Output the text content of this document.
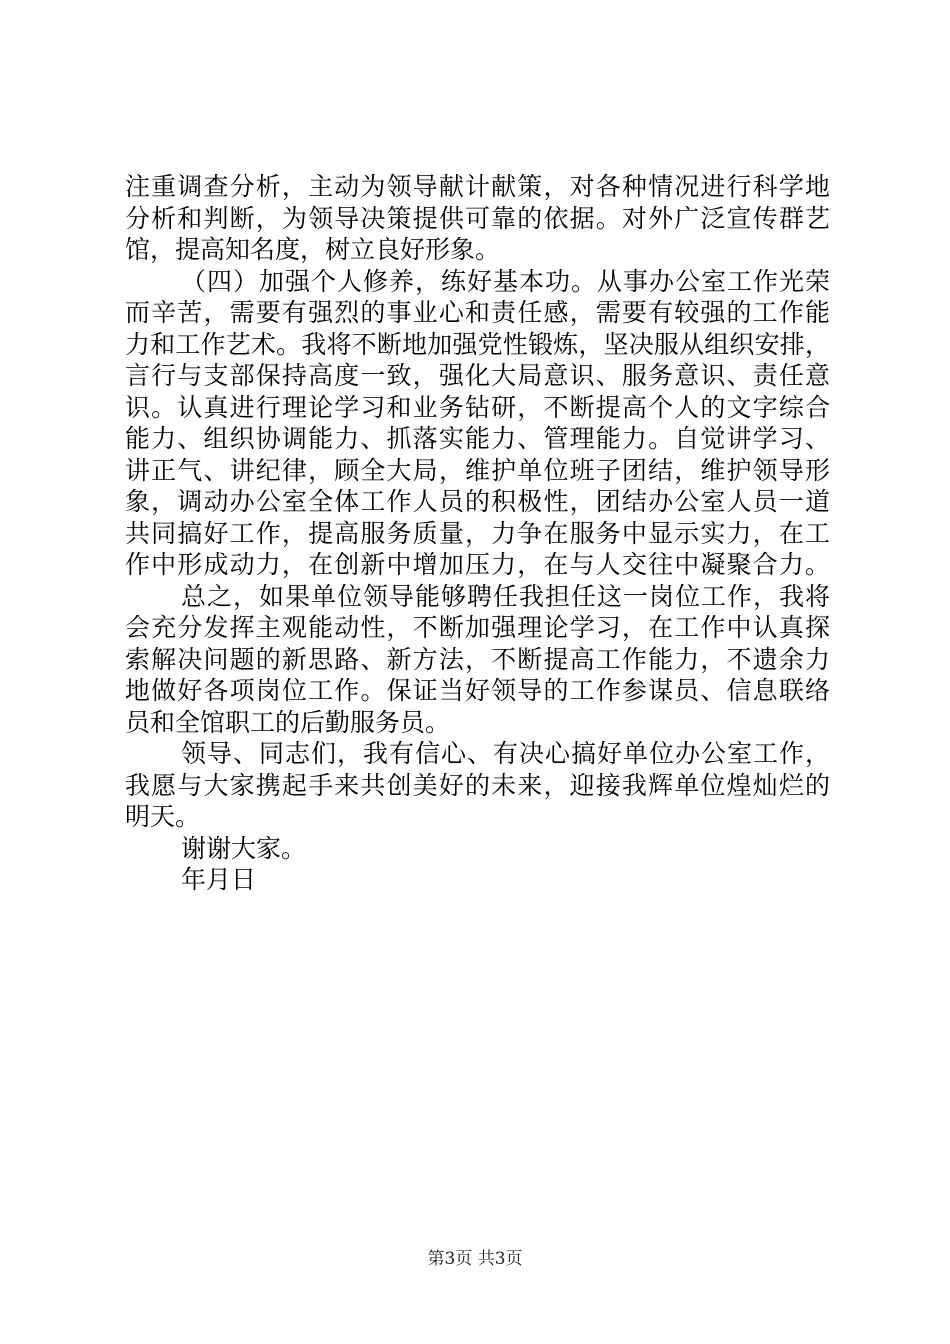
注重调查分析，主动为领导献计献策，对各种情况进行科学地
分析和判断，为领导决策提供可靠的依据。对外广泛宣传群艺
馆，提高知名度，树立良好形象。
（四）加强个人修养，练好基本功。从事办公室工作光荣
而辛苦，需要有强烈的事业心和责任感，需要有较强的工作能
力和工作艺术。我将不断地加强党性锻炼，坚决服从组织安排，
言行与支部保持高度一致，强化大局意识、服务意识、责任意
识。认真进行理论学习和业务钻研，不断提高个人的文字综合
能力、组织协调能力、抓落实能力、管理能力。自觉讲学习、
讲正气、讲纪律，顾全大局，维护单位班子团结，维护领导形
象，调动办公室全体工作人员的积极性，团结办公室人员一道
共同搞好工作，提高服务质量，力争在服务中显示实力，在工
作中形成动力，在创新中增加压力，在与人交往中凝聚合力。
总之，如果单位领导能够聘任我担任这一岗位工作，我将
会充分发挥主观能动性，不断加强理论学习，在工作中认真探
索解决问题的新思路、新方法，不断提高工作能力，不遗余力
地做好各项岗位工作。保证当好领导的工作参谋员、信息联络
员和全馆职工的后勤服务员。
领导、同志们，我有信心、有决心搞好单位办公室工作，
我愿与大家携起手来共创美好的未来，迎接我辉单位煌灿烂的
明天。
谢谢大家。
年月日
第3页 共3页
